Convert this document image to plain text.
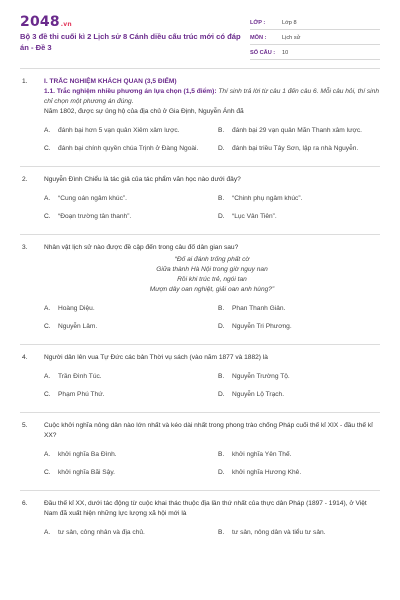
2048.vn
Bộ 3 đề thi cuối kì 2 Lịch sử 8 Cánh diều cấu trúc mới có đáp án - Đề 3
LỚP :	Lớp 8
MÔN :	Lịch sử
SỐ CÂU :	10
1.	I. TRẮC NGHIỆM KHÁCH QUAN (3,5 ĐIỂM)
1.1. Trắc nghiệm nhiều phương án lựa chọn (1,5 điểm): Thí sinh trả lời từ câu 1 đến câu 6. Mỗi câu hỏi, thí sinh chỉ chọn một phương án đúng.
Năm 1802, được sự ủng hộ của địa chủ ở Gia Định, Nguyễn Ánh đã
A.	đánh bại hơn 5 vạn quân Xiêm xâm lược.	B.	đánh bại 29 vạn quân Mãn Thanh xâm lược.
C.	đánh bại chính quyền chúa Trịnh ở Đàng Ngoài.	D.	đánh bại triều Tây Sơn, lập ra nhà Nguyễn.
2.	Nguyễn Đình Chiểu là tác giả của tác phẩm văn học nào dưới đây?
A.	“Cung oán ngâm khúc”.	B.	“Chinh phụ ngâm khúc”.
C.	“Đoạn trường tân thanh”.	D.	“Lục Vân Tiên”.
3.	Nhân vật lịch sử nào được đề cập đến trong câu đố dân gian sau?
“Đố ai đánh trống phất cờ
Giữa thành Hà Nội trong giờ nguy nan
Rồi khi trúc trẻ, ngói tan
Mượn dây oan nghiệt, giải oan anh hùng?”
A.	Hoàng Diệu.	B.	Phan Thanh Giản.
C.	Nguyễn Lâm.	D.	Nguyễn Tri Phương.
4.	Người dân lên vua Tự Đức các bản Thời vụ sách (vào năm 1877 và 1882) là
A.	Trần Đình Túc.	B.	Nguyễn Trường Tộ.
C.	Phạm Phú Thứ.	D.	Nguyễn Lộ Trạch.
5.	Cuộc khởi nghĩa nông dân nào lớn nhất và kéo dài nhất trong phong trào chống Pháp cuối thế kỉ XIX - đầu thế kỉ XX?
A.	khởi nghĩa Ba Đình.	B.	khởi nghĩa Yên Thế.
C.	khởi nghĩa Bãi Sậy.	D.	khởi nghĩa Hương Khê.
6.	Đầu thế kỉ XX, dưới tác động từ cuộc khai thác thuộc địa lần thứ nhất của thực dân Pháp (1897 - 1914), ở Việt Nam đã xuất hiện những lực lượng xã hội mới là
A.	tư sản, công nhân và địa chủ.	B.	tư sản, nông dân và tiểu tư sản.
